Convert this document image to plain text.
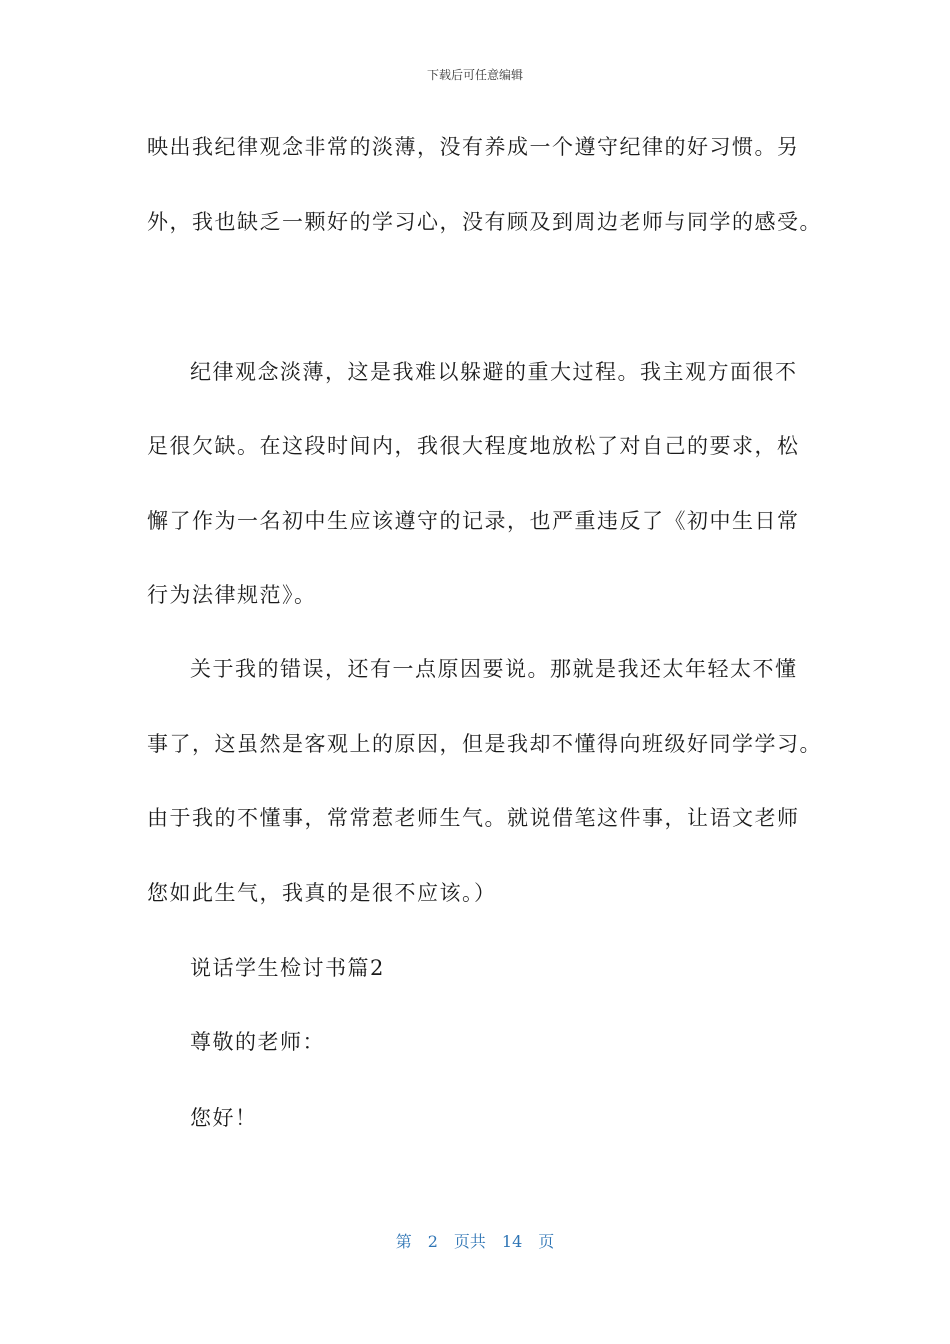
下载后可任意编辑
映出我纪律观念非常的淡薄，没有养成一个遵守纪律的好习惯。另
外，我也缺乏一颗好的学习心，没有顾及到周边老师与同学的感受。
纪律观念淡薄，这是我难以躲避的重大过程。我主观方面很不
足很欠缺。在这段时间内，我很大程度地放松了对自己的要求，松
懈了作为一名初中生应该遵守的记录，也严重违反了《初中生日常
行为法律规范》。
关于我的错误，还有一点原因要说。那就是我还太年轻太不懂
事了，这虽然是客观上的原因，但是我却不懂得向班级好同学学习。
由于我的不懂事，常常惹老师生气。就说借笔这件事，让语文老师
您如此生气，我真的是很不应该。）
说话学生检讨书篇2
尊敬的老师：
您好！
第 2 页共 14 页
